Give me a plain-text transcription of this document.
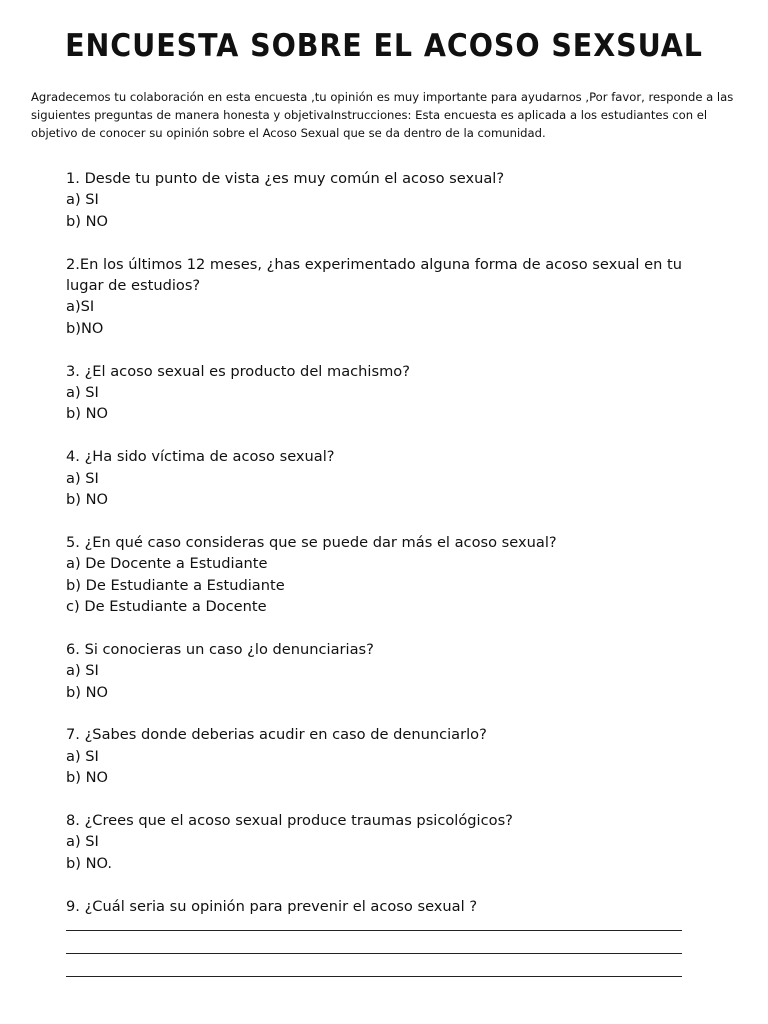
ENCUESTA SOBRE EL ACOSO SEXSUAL
Agradecemos tu colaboración en esta encuesta ,tu opinión es muy importante para ayudarnos ,Por favor, responde a las siguientes preguntas de manera honesta y objetivaInstrucciones: Esta encuesta es aplicada a los estudiantes con el objetivo de conocer su opinión sobre el Acoso Sexual que se da dentro de la comunidad.
1. Desde tu punto de vista ¿es muy común el acoso sexual?
a) SI
b) NO
2.En los últimos 12 meses, ¿has experimentado alguna forma de acoso sexual en tu lugar de estudios?
a)SI
b)NO
3. ¿El acoso sexual es producto del machismo?
a) SI
b) NO
4. ¿Ha sido víctima de acoso sexual?
a) SI
b) NO
5. ¿En qué caso consideras que se puede dar más el acoso sexual?
a) De Docente a Estudiante
b) De Estudiante a Estudiante
c) De Estudiante a Docente
6. Si conocieras un caso ¿lo denunciarias?
a) SI
b) NO
7. ¿Sabes donde deberias acudir en caso de denunciarlo?
a) SI
b) NO
8. ¿Crees que el acoso sexual produce traumas psicológicos?
a) SI
b) NO.
9. ¿Cuál seria su opinión para prevenir el acoso sexual ?
